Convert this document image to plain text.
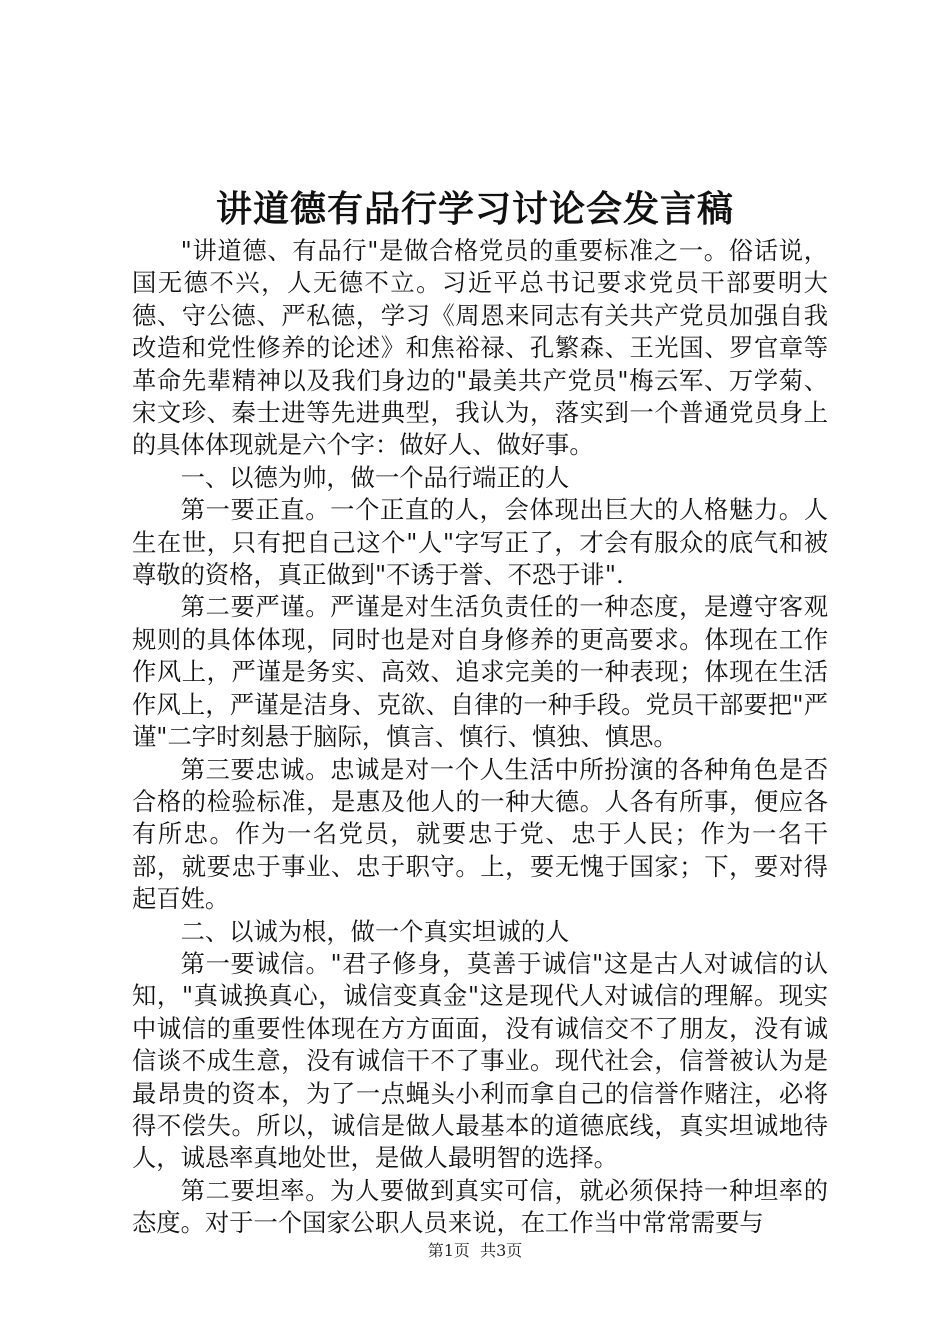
讲道德有品行学习讨论会发言稿

"讲道德、有品行"是做合格党员的重要标准之一。俗话说，国无德不兴，人无德不立。习近平总书记要求党员干部要明大德、守公德、严私德，学习《周恩来同志有关共产党员加强自我改造和党性修养的论述》和焦裕禄、孔繁森、王光国、罗官章等革命先辈精神以及我们身边的"最美共产党员"梅云军、万学菊、宋文珍、秦士进等先进典型，我认为，落实到一个普通党员身上的具体体现就是六个字：做好人、做好事。

一、以德为帅，做一个品行端正的人

第一要正直。一个正直的人，会体现出巨大的人格魅力。人生在世，只有把自己这个"人"字写正了，才会有服众的底气和被尊敬的资格，真正做到"不诱于誉、不恐于诽".

第二要严谨。严谨是对生活负责任的一种态度，是遵守客观规则的具体体现，同时也是对自身修养的更高要求。体现在工作作风上，严谨是务实、高效、追求完美的一种表现；体现在生活作风上，严谨是洁身、克欲、自律的一种手段。党员干部要把"严谨"二字时刻悬于脑际，慎言、慎行、慎独、慎思。

第三要忠诚。忠诚是对一个人生活中所扮演的各种角色是否合格的检验标准，是惠及他人的一种大德。人各有所事，便应各有所忠。作为一名党员，就要忠于党、忠于人民；作为一名干部，就要忠于事业、忠于职守。上，要无愧于国家；下，要对得起百姓。

二、以诚为根，做一个真实坦诚的人

第一要诚信。"君子修身，莫善于诚信"这是古人对诚信的认知，"真诚换真心，诚信变真金"这是现代人对诚信的理解。现实中诚信的重要性体现在方方面面，没有诚信交不了朋友，没有诚信谈不成生意，没有诚信干不了事业。现代社会，信誉被认为是最昂贵的资本，为了一点蝇头小利而拿自己的信誉作赌注，必将得不偿失。所以，诚信是做人最基本的道德底线，真实坦诚地待人，诚恳率真地处世，是做人最明智的选择。

第二要坦率。为人要做到真实可信，就必须保持一种坦率的态度。对于一个国家公职人员来说，在工作当中常常需要与

第1页  共3页
